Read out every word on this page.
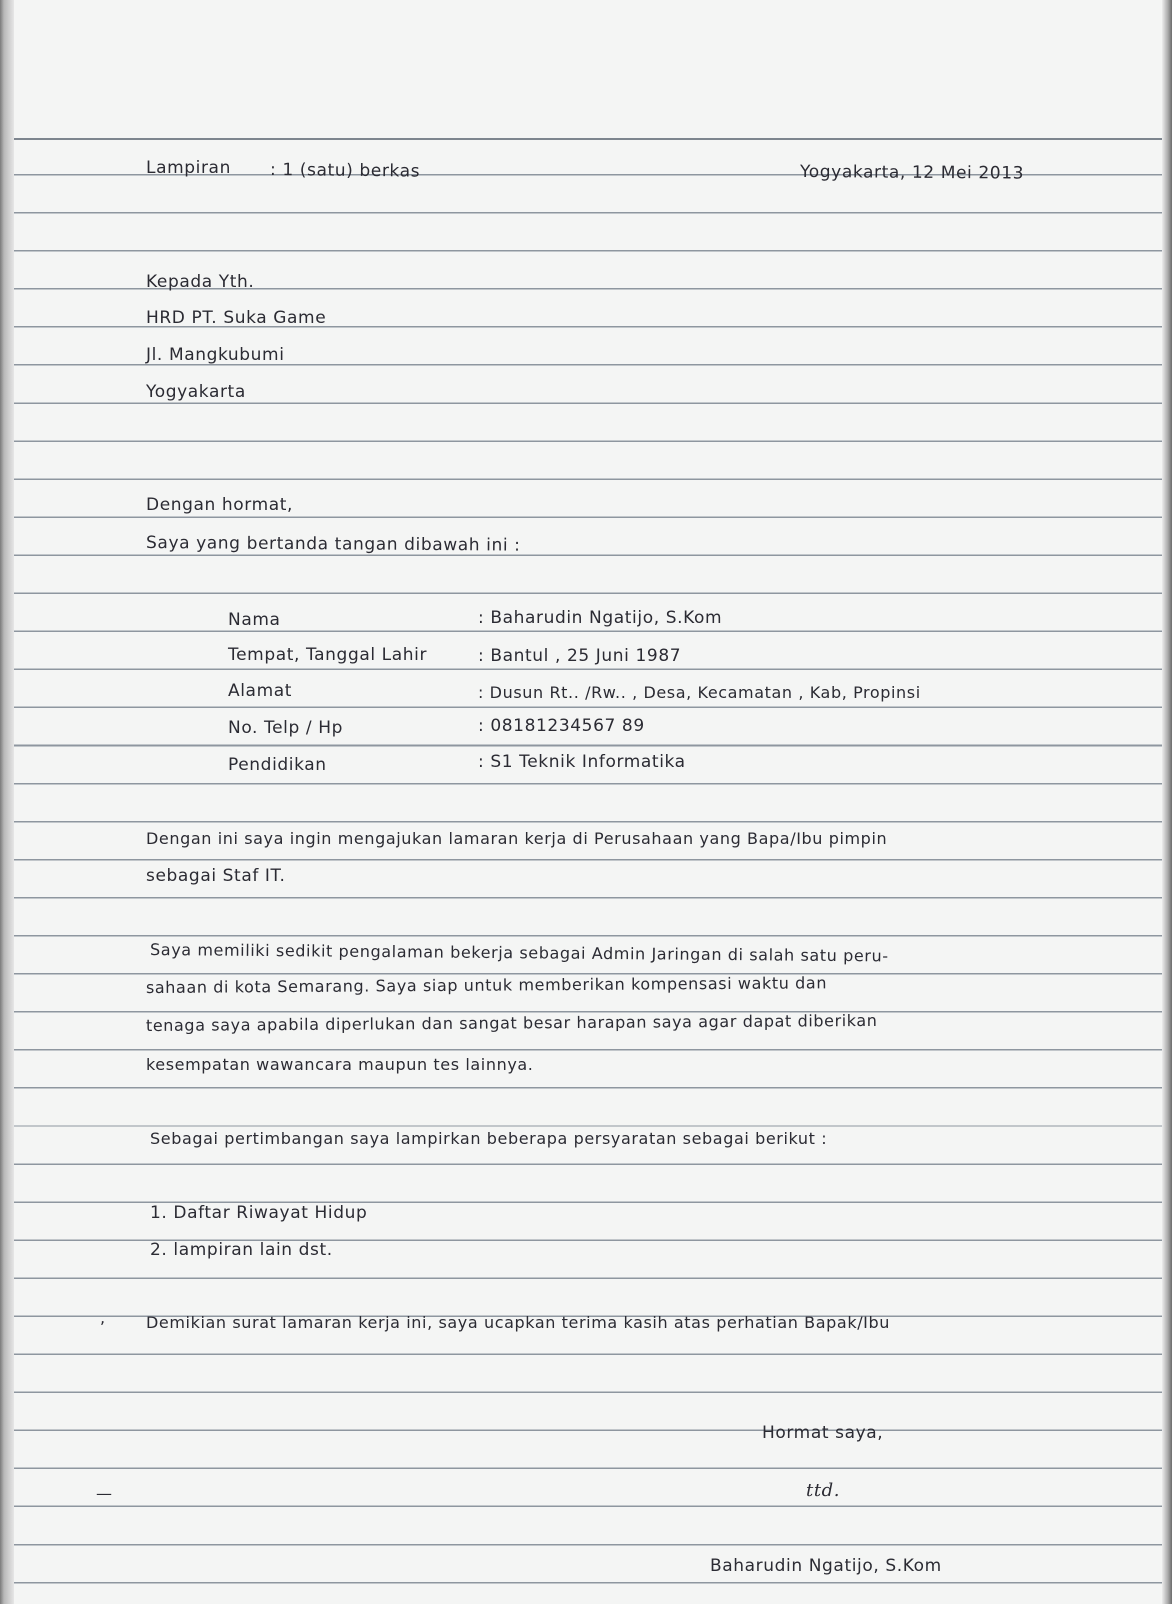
Lampiran : 1 (satu) berkas	Yogyakarta, 12 Mei 2013
Kepada Yth.
HRD PT. Suka Game
Jl. Mangkubumi
Yogyakarta
Dengan hormat,
Saya yang bertanda tangan dibawah ini :
Nama	: Baharudin Ngatijo, S.Kom
Tempat, Tanggal Lahir	: Bantul , 25 Juni 1987
Alamat	: Dusun Rt.. /Rw.. , Desa, Kecamatan , Kab, Propinsi
No. Telp / Hp	: 08181234567 89
Pendidikan	: S1 Teknik Informatika
Dengan ini saya ingin mengajukan lamaran kerja di Perusahaan yang Bapa/Ibu pimpin
sebagai Staf IT.
Saya memiliki sedikit pengalaman bekerja sebagai Admin Jaringan di salah satu peru-
sahaan di kota Semarang. Saya siap untuk memberikan kompensasi waktu dan
tenaga saya apabila diperlukan dan sangat besar harapan saya agar dapat diberikan
kesempatan wawancara maupun tes lainnya.
Sebagai pertimbangan saya lampirkan beberapa persyaratan sebagai berikut :
1. Daftar Riwayat Hidup
2. lampiran lain dst.
,	Demikian surat lamaran kerja ini, saya ucapkan terima kasih atas perhatian Bapak/Ibu
Hormat saya,
ttd.
—
Baharudin Ngatijo, S.Kom
